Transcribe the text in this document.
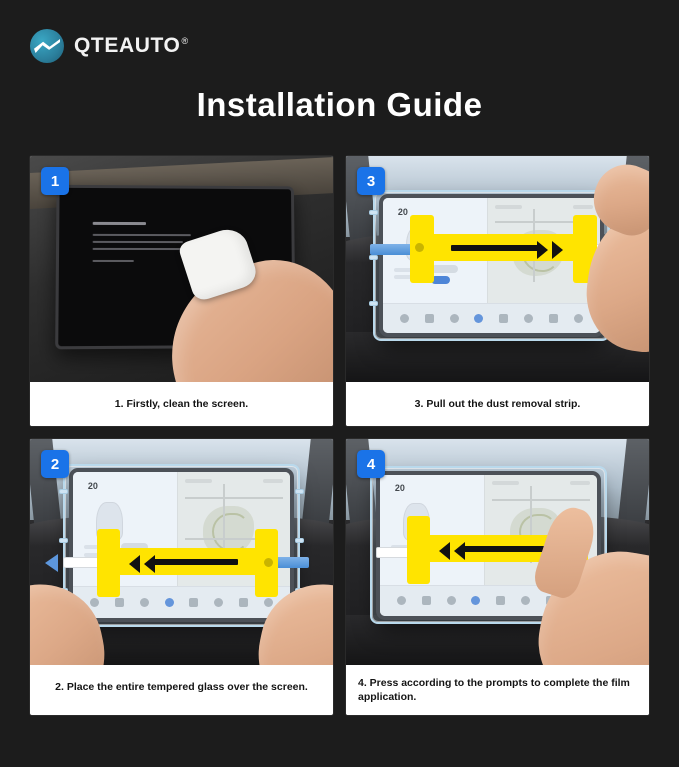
QTEAUTO®
Installation Guide
1
1. Firstly, clean the screen.
3
20
3. Pull out the dust removal strip.
2
20
2. Place the entire tempered glass over the screen.
4
20
4. Press according to the prompts to complete the film application.
